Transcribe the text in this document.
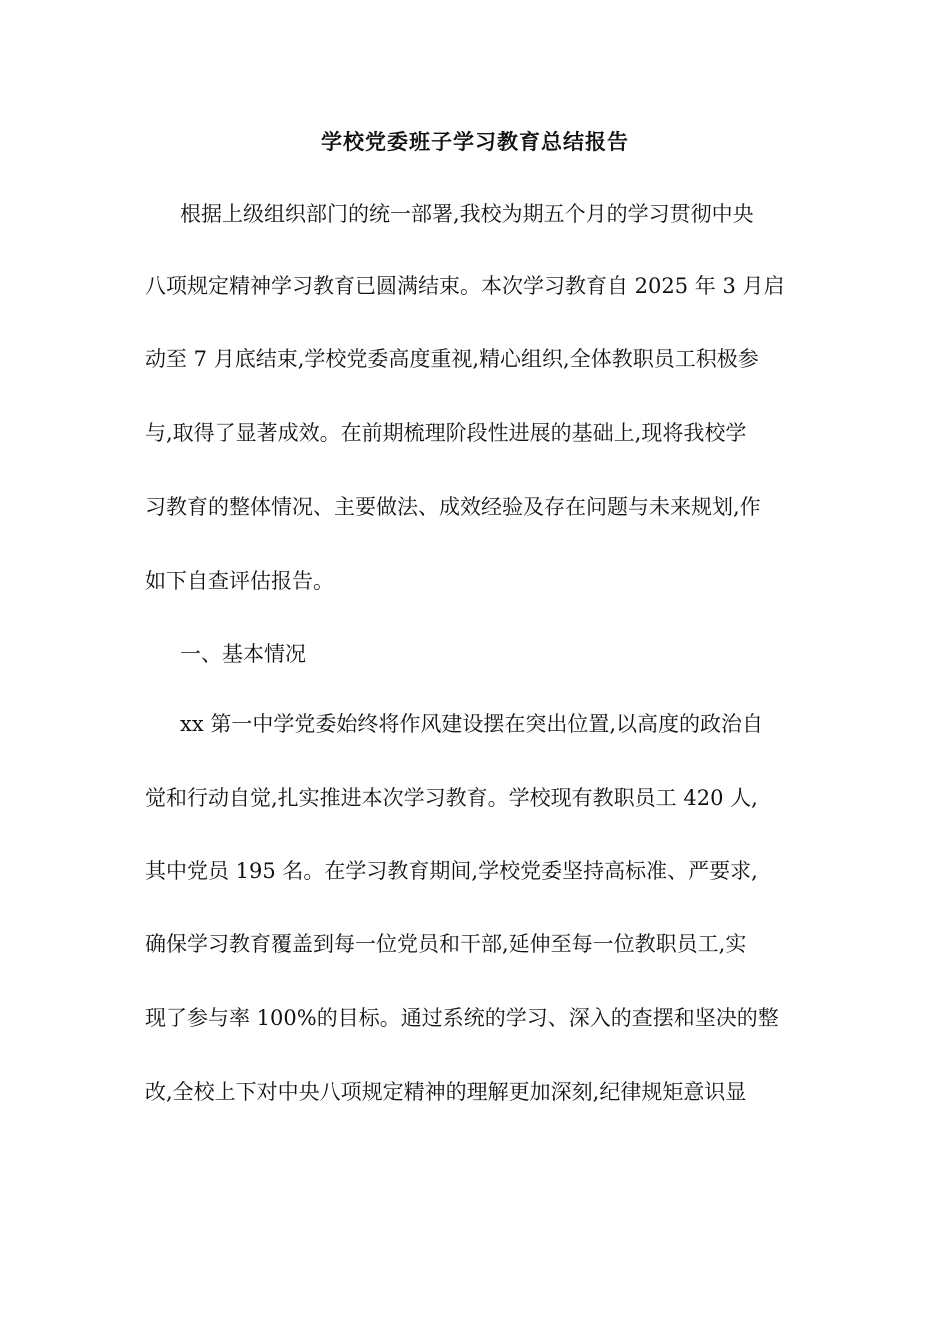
学校党委班子学习教育总结报告
根据上级组织部门的统一部署,我校为期五个月的学习贯彻中央
八项规定精神学习教育已圆满结束。本次学习教育自 2025 年 3 月启
动至 7 月底结束,学校党委高度重视,精心组织,全体教职员工积极参
与,取得了显著成效。在前期梳理阶段性进展的基础上,现将我校学
习教育的整体情况、主要做法、成效经验及存在问题与未来规划,作
如下自查评估报告。
一、基本情况
xx 第一中学党委始终将作风建设摆在突出位置,以高度的政治自
觉和行动自觉,扎实推进本次学习教育。学校现有教职员工 420 人,
其中党员 195 名。在学习教育期间,学校党委坚持高标准、严要求,
确保学习教育覆盖到每一位党员和干部,延伸至每一位教职员工,实
现了参与率 100%的目标。通过系统的学习、深入的查摆和坚决的整
改,全校上下对中央八项规定精神的理解更加深刻,纪律规矩意识显
